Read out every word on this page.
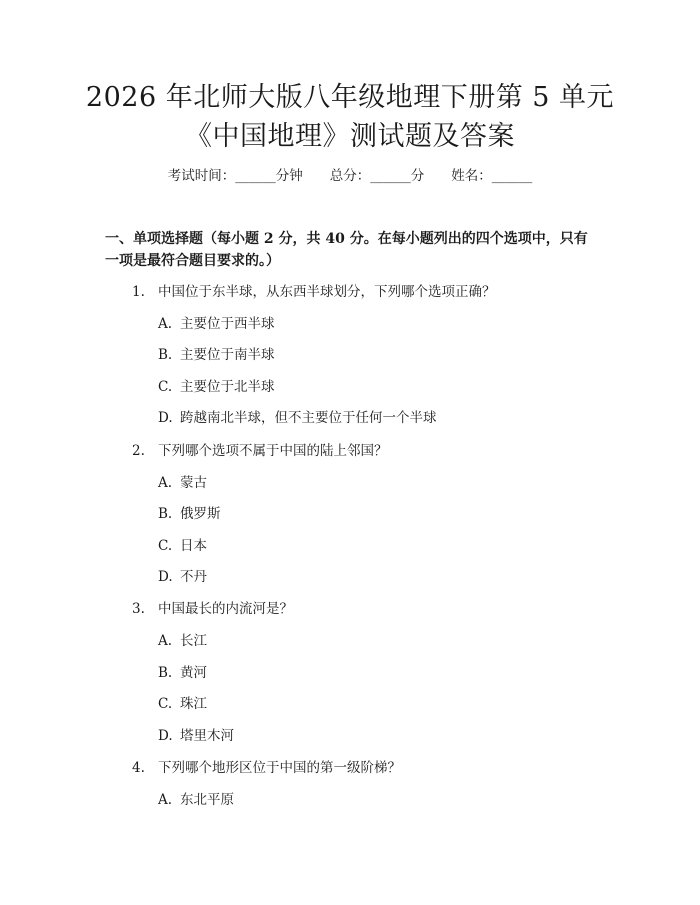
2026 年北师大版八年级地理下册第 5 单元
《中国地理》测试题及答案
考试时间：______分钟　　总分：______分　　姓名：______
一、单项选择题（每小题 2 分，共 40 分。在每小题列出的四个选项中，只有一项是最符合题目要求的。）
1. 中国位于东半球，从东西半球划分，下列哪个选项正确？
A. 主要位于西半球
B. 主要位于南半球
C. 主要位于北半球
D. 跨越南北半球，但不主要位于任何一个半球
2. 下列哪个选项不属于中国的陆上邻国？
A. 蒙古
B. 俄罗斯
C. 日本
D. 不丹
3. 中国最长的内流河是？
A. 长江
B. 黄河
C. 珠江
D. 塔里木河
4. 下列哪个地形区位于中国的第一级阶梯？
A. 东北平原
